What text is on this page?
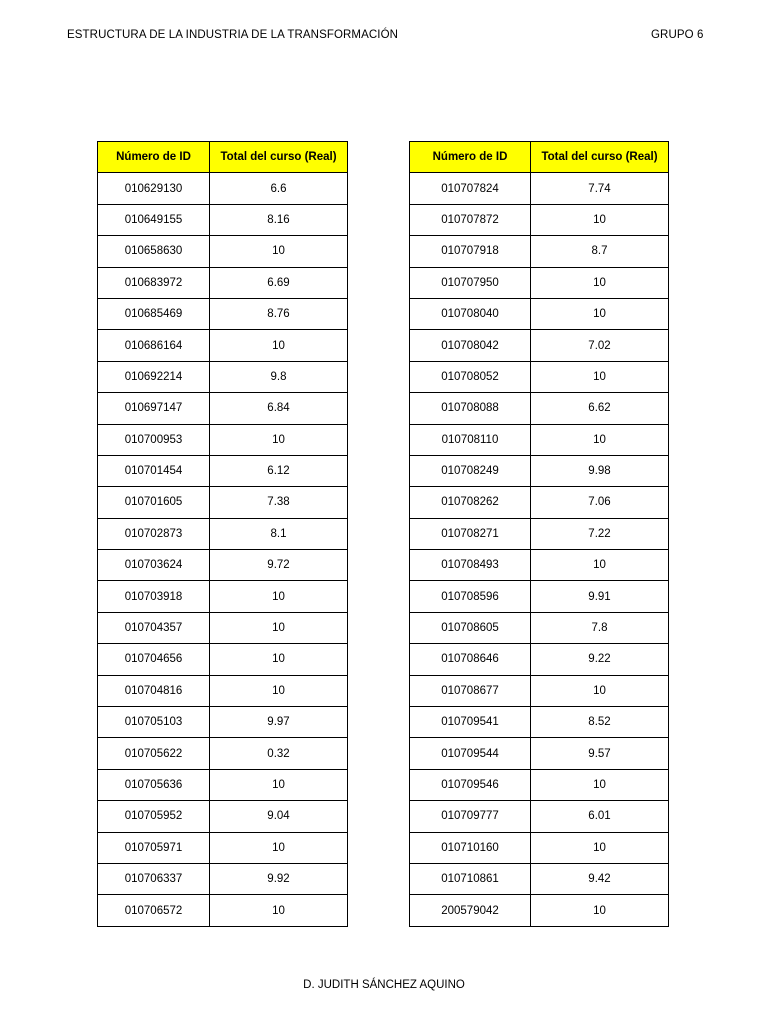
ESTRUCTURA DE LA INDUSTRIA DE LA TRANSFORMACIÓN	GRUPO 6
Número de ID	Total del curso (Real)
010629130	6.6
010649155	8.16
010658630	10
010683972	6.69
010685469	8.76
010686164	10
010692214	9.8
010697147	6.84
010700953	10
010701454	6.12
010701605	7.38
010702873	8.1
010703624	9.72
010703918	10
010704357	10
010704656	10
010704816	10
010705103	9.97
010705622	0.32
010705636	10
010705952	9.04
010705971	10
010706337	9.92
010706572	10
Número de ID	Total del curso (Real)
010707824	7.74
010707872	10
010707918	8.7
010707950	10
010708040	10
010708042	7.02
010708052	10
010708088	6.62
010708110	10
010708249	9.98
010708262	7.06
010708271	7.22
010708493	10
010708596	9.91
010708605	7.8
010708646	9.22
010708677	10
010709541	8.52
010709544	9.57
010709546	10
010709777	6.01
010710160	10
010710861	9.42
200579042	10
D. JUDITH SÁNCHEZ AQUINO
